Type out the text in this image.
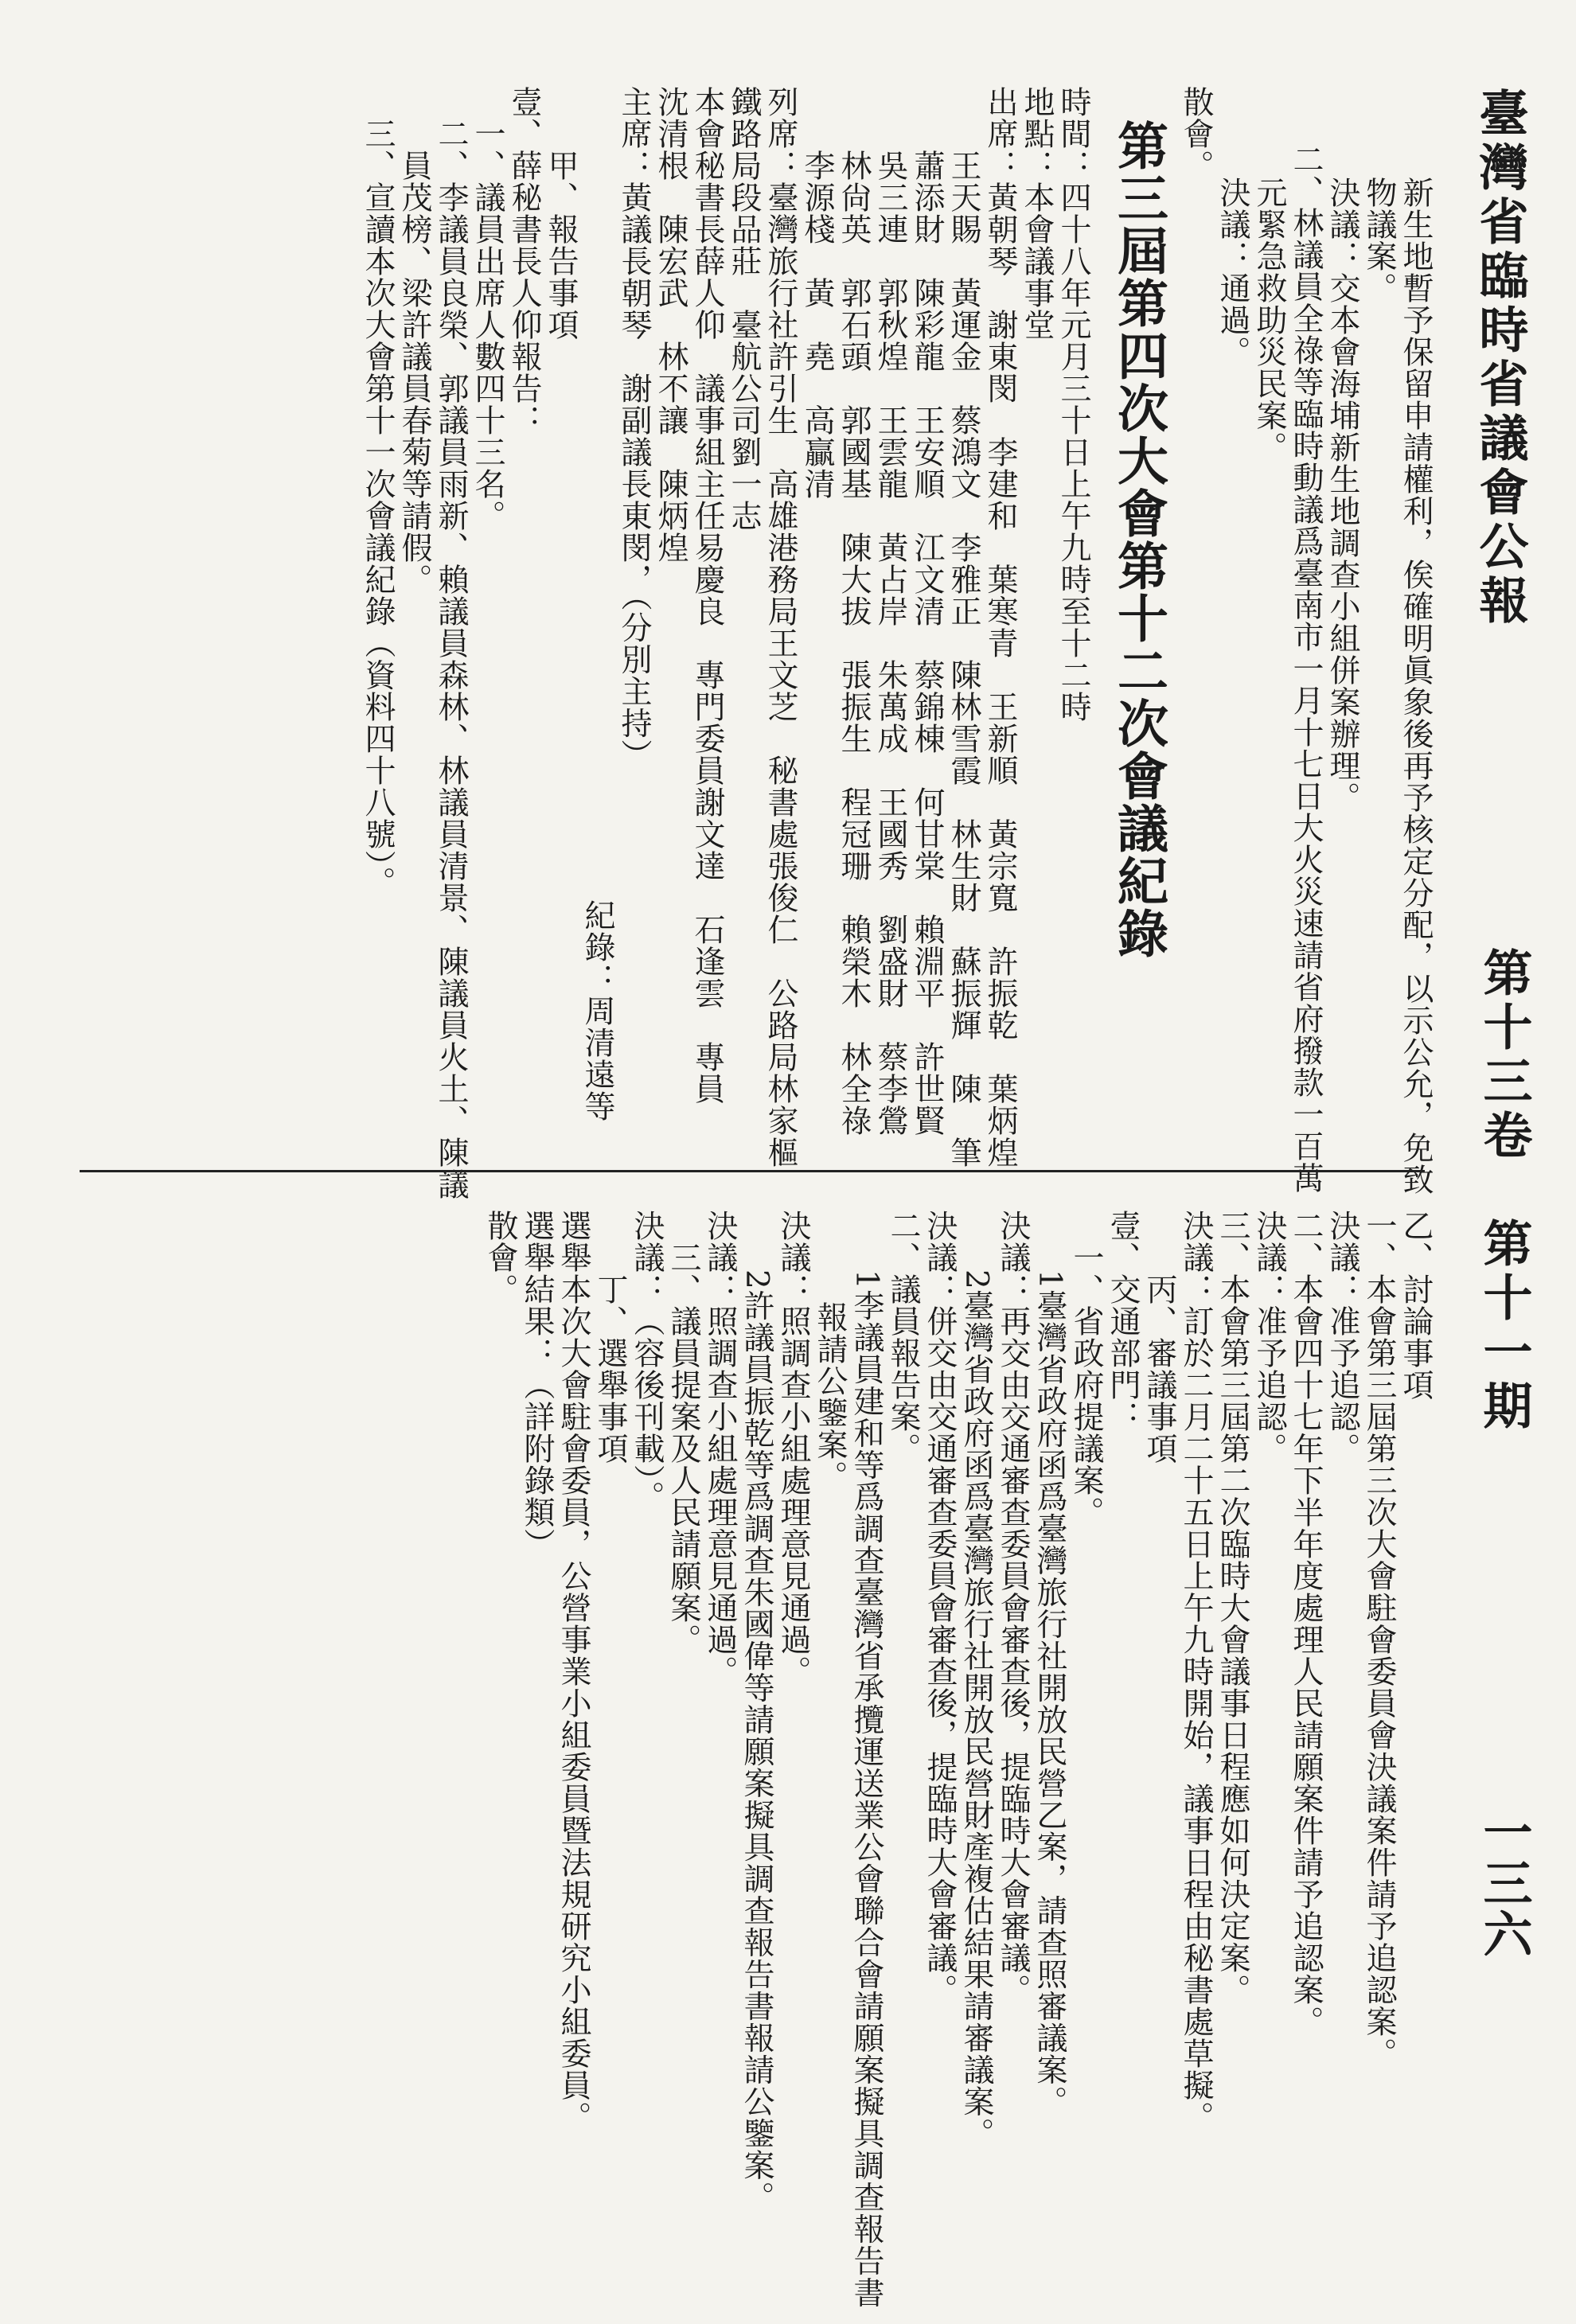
臺灣省臨時省議會公報
第十三卷　第十一期
一三六
新生地暫予保留申請權利，俟確明眞象後再予核定分配，以示公允，免致
物議案。
決議：交本會海埔新生地調查小組併案辦理。
二、林議員全祿等臨時動議爲臺南市一月十七日大火災速請省府撥款一百萬
元緊急救助災民案。
決議：通過。
散會。
第三屆第四次大會第十二次會議紀錄
時間：四十八年元月三十日上午九時至十二時
地點：本會議事堂
出席：黃朝琴　謝東閔　李建和　葉寒青　王新順　黃宗寬　許振乾　葉炳煌
王天賜　黃運金　蔡鴻文　李雅正　陳林雪霞　林生財　蘇振輝　陳　筆
蕭添財　陳彩龍　王安順　江文清　蔡錦棟　何甘棠　賴淵平　許世賢
吳三連　郭秋煌　王雲龍　黃占岸　朱萬成　王國秀　劉盛財　蔡李鶯
林尙英　郭石頭　郭國基　陳大拔　張振生　程冠珊　賴榮木　林全祿
李源棧　黃　堯　高贏清
列席：臺灣旅行社許引生　高雄港務局王文芝　秘書處張俊仁　公路局林家樞
鐵路局段品莊　臺航公司劉一志
本會秘書長薛人仰　議事組主任易慶良　專門委員謝文達　石逢雲　專員
沈清根　陳宏武　林不讓　陳炳煌
主席：黃議長朝琴　謝副議長東閔，（分別主持）
紀錄：周清遠等
甲、報告事項
壹、薛秘書長人仰報告：
一、議員出席人數四十三名。
二、李議員良榮、郭議員雨新、賴議員森林、林議員清景、陳議員火土、陳議
員茂榜、梁許議員春菊等請假。
三、宣讀本次大會第十一次會議紀錄（資料四十八號）。
乙、討論事項
一、本會第三屆第三次大會駐會委員會決議案件請予追認案。
決議：准予追認。
二、本會四十七年下半年度處理人民請願案件請予追認案。
決議：准予追認。
三、本會第三屆第二次臨時大會議事日程應如何決定案。
決議：訂於二月二十五日上午九時開始，議事日程由秘書處草擬。
丙、審議事項
壹、交通部門：
一、省政府提議案。
1臺灣省政府函爲臺灣旅行社開放民營乙案，請查照審議案。
決議：再交由交通審查委員會審查後，提臨時大會審議。
2臺灣省政府函爲臺灣旅行社開放民營財產複估結果請審議案。
決議：併交由交通審查委員會審查後，提臨時大會審議。
二、議員報告案。
1李議員建和等爲調查臺灣省承攬運送業公會聯合會請願案擬具調查報告書
報請公鑒案。
決議：照調查小組處理意見通過。
2許議員振乾等爲調查朱國偉等請願案擬具調查報告書報請公鑒案。
決議：照調查小組處理意見通過。
三、議員提案及人民請願案。
決議：（容後刊載）。
丁、選舉事項
選舉本次大會駐會委員，公營事業小組委員暨法規研究小組委員。
選舉結果：（詳附錄類）
散會。
